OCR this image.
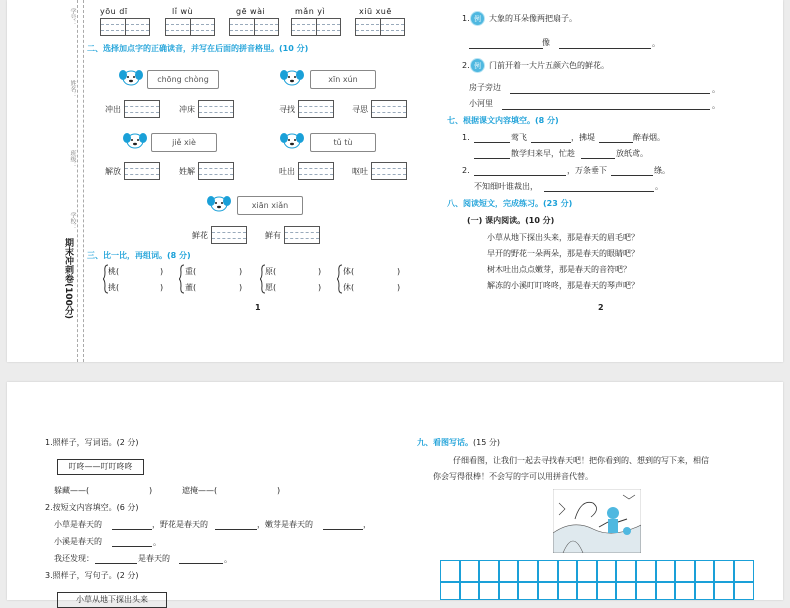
学号：
姓名：
班级：
学校：
期末冲刺卷(100分)
yōu dī	lǐ wù	gē wài	mǎn yì	xiū xuē
二、选择加点字的正确读音，并写在后面的拼音格里。(10 分)
chōng chòng	xīn xún
冲出	冲床	寻找	寻思
jiě xiè	tǔ tù
解放	姓解	吐出	呕吐
xiān xiǎn
鲜花	鲜有
三、比一比，再组词。(8 分)
桃(	)	重(	)	原(	)	体(	)
挑(	)	董(	)	愿(	)	休(	)
1
1. 例	大象的耳朵像两把扇子。
像	。
2. 例	门前开着一大片五颜六色的鲜花。
房子旁边	。
小河里	。
七、根据课文内容填空。(8 分)
1.	莺飞	，拂堤	醉春烟。
散学归来早，忙趁	放纸鸢。
2.	，万条垂下	绦。
不知细叶谁裁出，	。
八、阅读短文，完成练习。(23 分)
(一) 课内阅读。(10 分)
小草从地下探出头来，那是春天的眉毛吧？
早开的野花一朵两朵，那是春天的眼睛吧？
树木吐出点点嫩芽，那是春天的音符吧？
解冻的小溪叮叮咚咚，那是春天的琴声吧？
2
1.照样子，写词语。(2 分)
叮咚——叮叮咚咚
躲藏——(	)	遮掩——(	)
2.按短文内容填空。(6 分)
小草是春天的	，野花是春天的	，嫩芽是春天的	，
小溪是春天的	。
我还发现：	是春天的	。
3.照样子，写句子。(2 分)
小草从地下探出头来
九、看图写话。(15 分)
仔细看图，让我们一起去寻找春天吧！把你看到的、想到的写下来，相信
你会写得很棒！不会写的字可以用拼音代替。
